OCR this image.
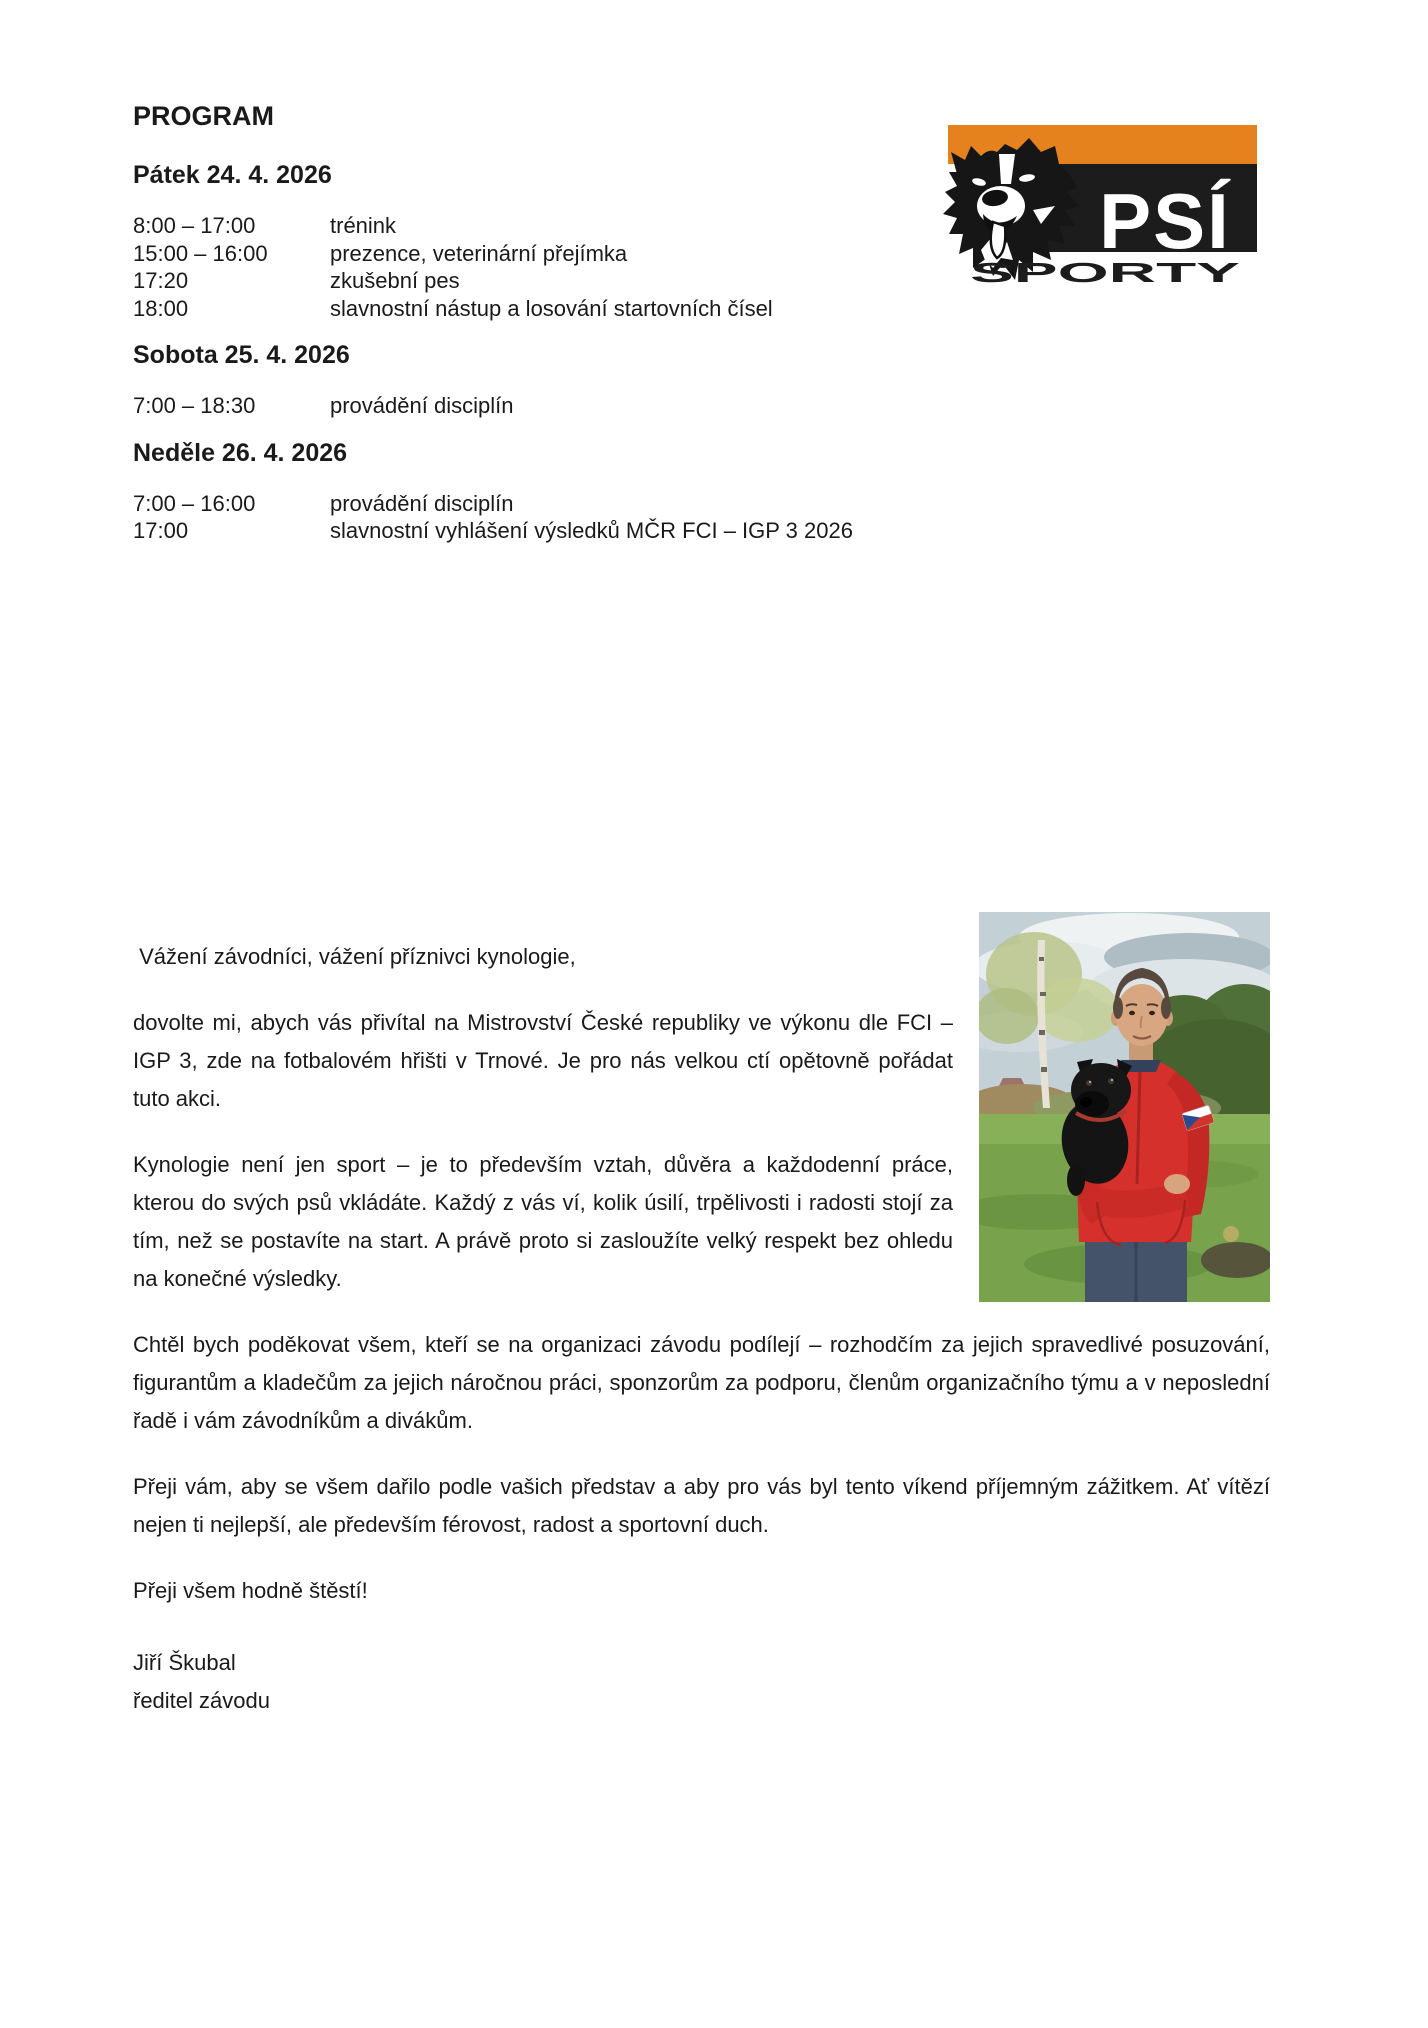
PSÍ
SPORTY
PROGRAM
Pátek 24. 4. 2026
8:00 – 17:00	trénink
15:00 – 16:00	prezence, veterinární přejímka
17:20	zkušební pes
18:00	slavnostní nástup a losování startovních čísel
Sobota 25. 4. 2026
7:00 – 18:30	provádění disciplín
Neděle 26. 4. 2026
7:00 – 16:00	provádění disciplín
17:00	slavnostní vyhlášení výsledků MČR FCI – IGP 3 2026
Vážení závodníci, vážení příznivci kynologie,
dovolte mi, abych vás přivítal na Mistrovství České republiky ve výkonu dle FCI – IGP 3, zde na fotbalovém hřišti v Trnové. Je pro nás velkou ctí opětovně pořádat tuto akci.
Kynologie není jen sport – je to především vztah, důvěra a každodenní práce, kterou do svých psů vkládáte. Každý z vás ví, kolik úsilí, trpělivosti i radosti stojí za tím, než se postavíte na start. A právě proto si zasloužíte velký respekt bez ohledu na konečné výsledky.
Chtěl bych poděkovat všem, kteří se na organizaci závodu podílejí – rozhodčím za jejich spravedlivé posuzování, figurantům a kladečům za jejich náročnou práci, sponzorům za podporu, členům organizačního týmu a v neposlední řadě i vám závodníkům a divákům.
Přeji vám, aby se všem dařilo podle vašich představ a aby pro vás byl tento víkend příjemným zážitkem. Ať vítězí nejen ti nejlepší, ale především férovost, radost a sportovní duch.
Přeji všem hodně štěstí!
Jiří Škubal
ředitel závodu
